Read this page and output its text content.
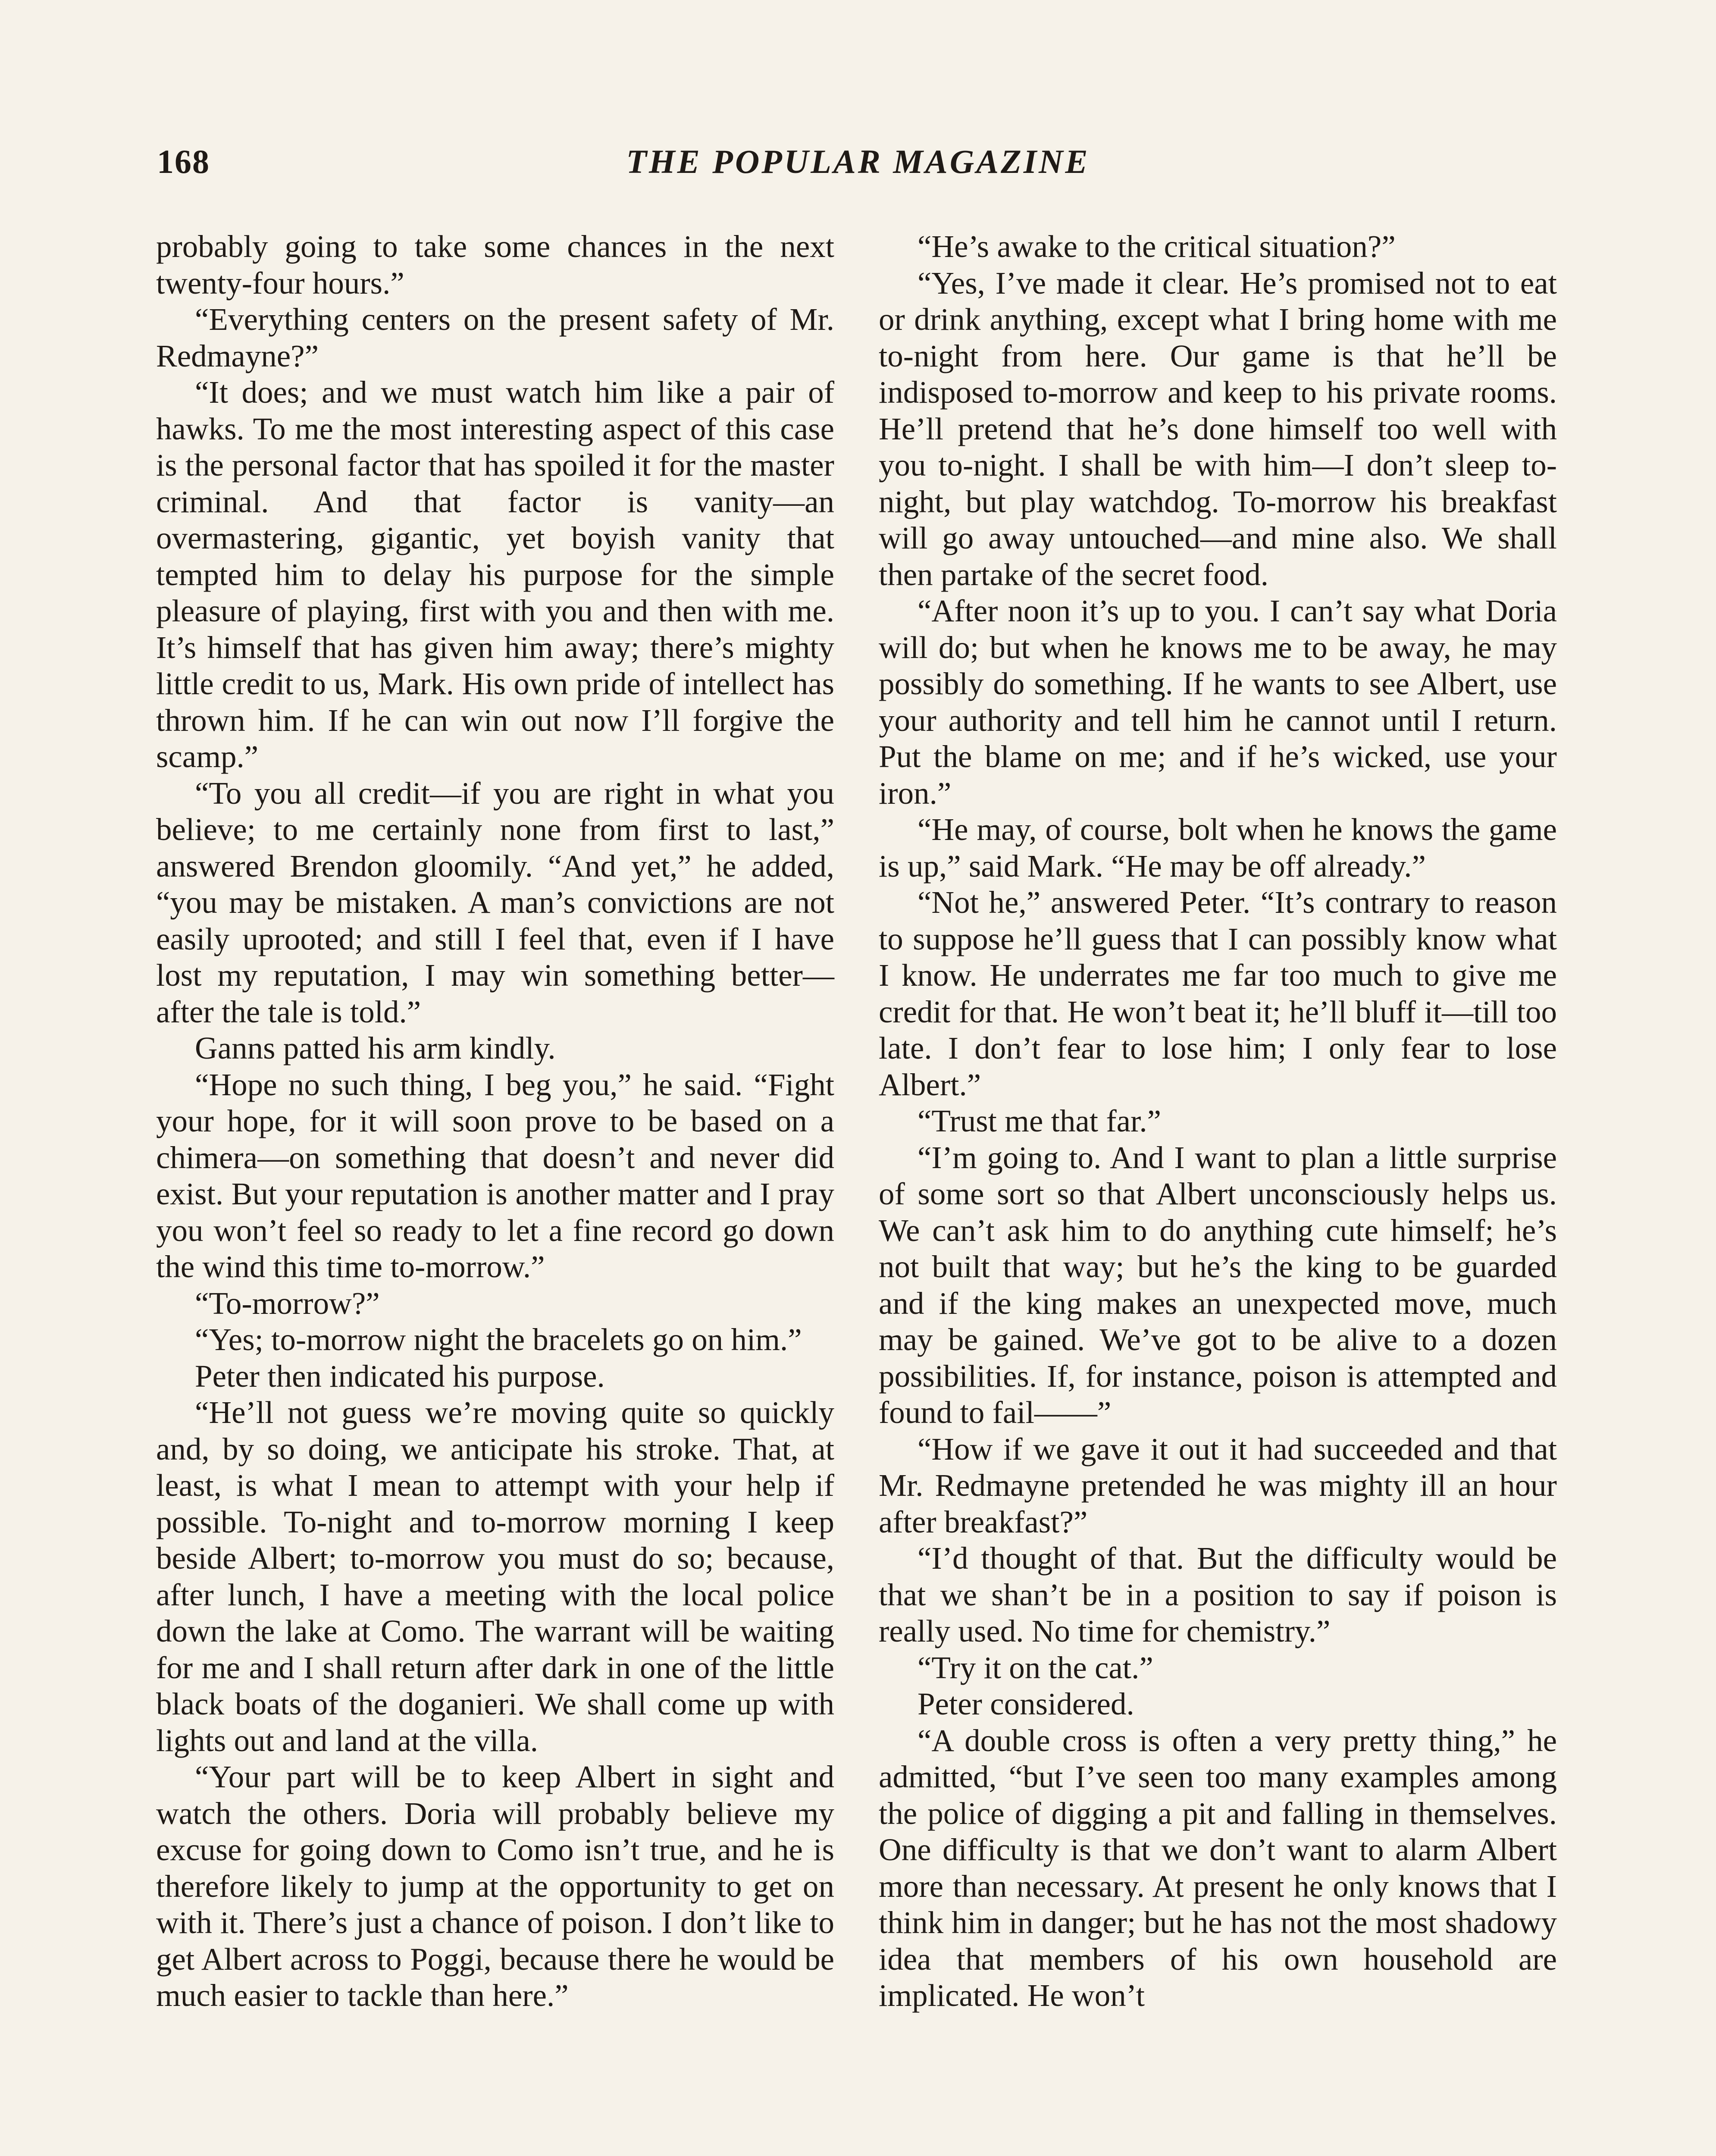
168	THE POPULAR MAGAZINE

probably going to take some chances in the next twenty-four hours.”

“Everything centers on the present safety of Mr. Redmayne?”

“It does; and we must watch him like a pair of hawks. To me the most interesting aspect of this case is the personal factor that has spoiled it for the master criminal. And that factor is vanity—an overmastering, gigantic, yet boyish vanity that tempted him to delay his purpose for the simple pleasure of playing, first with you and then with me. It’s himself that has given him away; there’s mighty little credit to us, Mark. His own pride of intellect has thrown him. If he can win out now I’ll forgive the scamp.”

“To you all credit—if you are right in what you believe; to me certainly none from first to last,” answered Brendon gloomily. “And yet,” he added, “you may be mistaken. A man’s convictions are not easily uprooted; and still I feel that, even if I have lost my reputation, I may win something better—after the tale is told.”

Ganns patted his arm kindly.

“Hope no such thing, I beg you,” he said. “Fight your hope, for it will soon prove to be based on a chimera—on something that doesn’t and never did exist. But your reputation is another matter and I pray you won’t feel so ready to let a fine record go down the wind this time to-morrow.”

“To-morrow?”

“Yes; to-morrow night the bracelets go on him.”

Peter then indicated his purpose.

“He’ll not guess we’re moving quite so quickly and, by so doing, we anticipate his stroke. That, at least, is what I mean to attempt with your help if possible. To-night and to-morrow morning I keep beside Albert; to-morrow you must do so; because, after lunch, I have a meeting with the local police down the lake at Como. The warrant will be waiting for me and I shall return after dark in one of the little black boats of the doganieri. We shall come up with lights out and land at the villa.

“Your part will be to keep Albert in sight and watch the others. Doria will probably believe my excuse for going down to Como isn’t true, and he is therefore likely to jump at the opportunity to get on with it. There’s just a chance of poison. I don’t like to get Albert across to Poggi, because there he would be much easier to tackle than here.”

“He’s awake to the critical situation?”

“Yes, I’ve made it clear. He’s promised not to eat or drink anything, except what I bring home with me to-night from here. Our game is that he’ll be indisposed to-morrow and keep to his private rooms. He’ll pretend that he’s done himself too well with you to-night. I shall be with him—I don’t sleep to-night, but play watchdog. To-morrow his breakfast will go away untouched—and mine also. We shall then partake of the secret food.

“After noon it’s up to you. I can’t say what Doria will do; but when he knows me to be away, he may possibly do something. If he wants to see Albert, use your authority and tell him he cannot until I return. Put the blame on me; and if he’s wicked, use your iron.”

“He may, of course, bolt when he knows the game is up,” said Mark. “He may be off already.”

“Not he,” answered Peter. “It’s contrary to reason to suppose he’ll guess that I can possibly know what I know. He underrates me far too much to give me credit for that. He won’t beat it; he’ll bluff it—till too late. I don’t fear to lose him; I only fear to lose Albert.”

“Trust me that far.”

“I’m going to. And I want to plan a little surprise of some sort so that Albert unconsciously helps us. We can’t ask him to do anything cute himself; he’s not built that way; but he’s the king to be guarded and if the king makes an unexpected move, much may be gained. We’ve got to be alive to a dozen possibilities. If, for instance, poison is attempted and found to fail——”

“How if we gave it out it had succeeded and that Mr. Redmayne pretended he was mighty ill an hour after breakfast?”

“I’d thought of that. But the difficulty would be that we shan’t be in a position to say if poison is really used. No time for chemistry.”

“Try it on the cat.”

Peter considered.

“A double cross is often a very pretty thing,” he admitted, “but I’ve seen too many examples among the police of digging a pit and falling in themselves. One difficulty is that we don’t want to alarm Albert more than necessary. At present he only knows that I think him in danger; but he has not the most shadowy idea that members of his own household are implicated. He won’t
